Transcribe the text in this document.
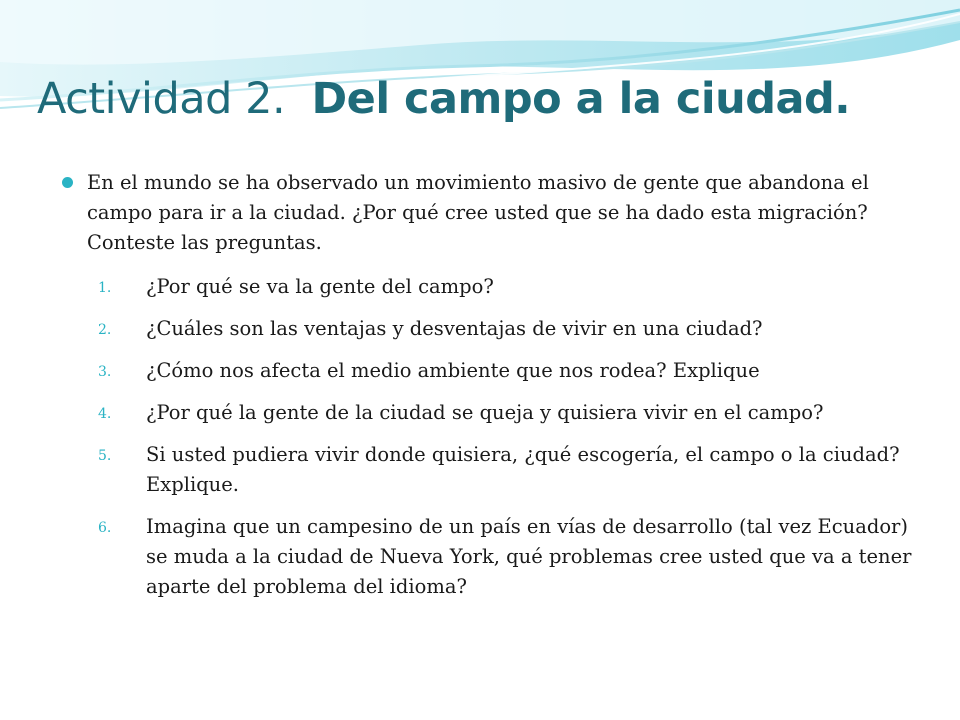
Actividad 2. Del campo a la ciudad.
En el mundo se ha observado un movimiento masivo de gente que abandona el campo para ir a la ciudad. ¿Por qué cree usted que se ha dado esta migración? Conteste las preguntas.
1. ¿Por qué se va la gente del campo?
2. ¿Cuáles son las ventajas y desventajas de vivir en una ciudad?
3. ¿Cómo nos afecta el medio ambiente que nos rodea? Explique
4. ¿Por qué la gente de la ciudad se queja y quisiera vivir en el campo?
5. Si usted pudiera vivir donde quisiera, ¿qué escogería, el campo o la ciudad? Explique.
6. Imagina que un campesino de un país en vías de desarrollo (tal vez Ecuador) se muda a la ciudad de Nueva York, qué problemas cree usted que va a tener aparte del problema del idioma?
